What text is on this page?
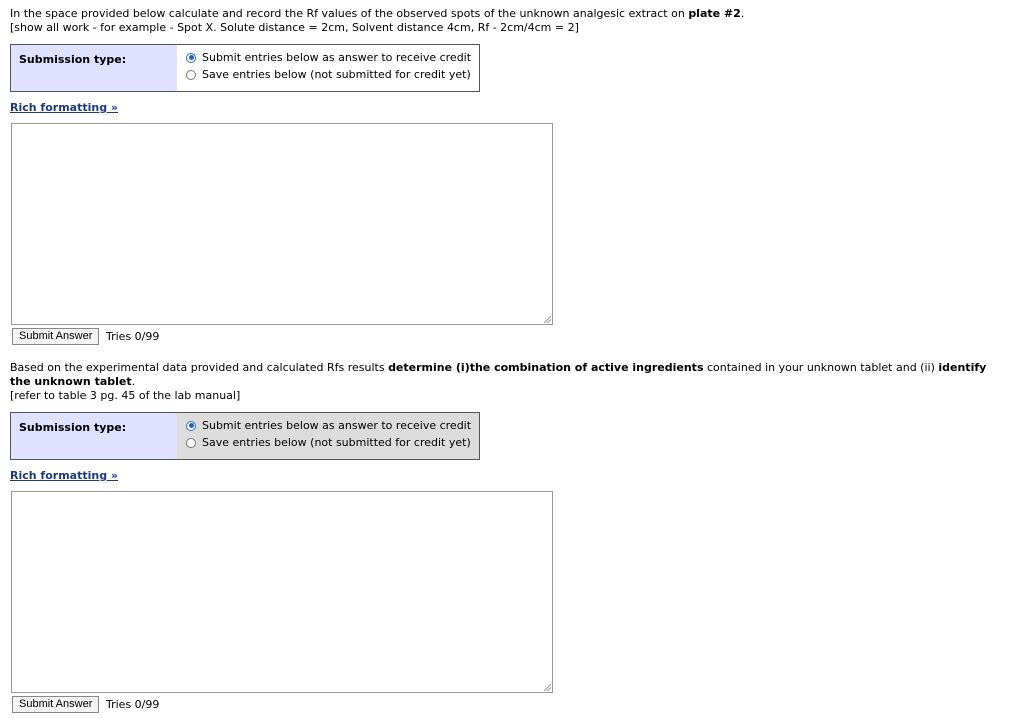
In the space provided below calculate and record the Rf values of the observed spots of the unknown analgesic extract on plate #2.
[show all work - for example - Spot X. Solute distance = 2cm, Solvent distance 4cm, Rf - 2cm/4cm = 2]
Submission type:	Submit entries below as answer to receive credit
Save entries below (not submitted for credit yet)
Rich formatting »
Submit Answer	Tries 0/99
Based on the experimental data provided and calculated Rfs results determine (i)the combination of active ingredients contained in your unknown tablet and (ii) identify the unknown tablet.
[refer to table 3 pg. 45 of the lab manual]
Submission type:	Submit entries below as answer to receive credit
Save entries below (not submitted for credit yet)
Rich formatting »
Submit Answer	Tries 0/99
